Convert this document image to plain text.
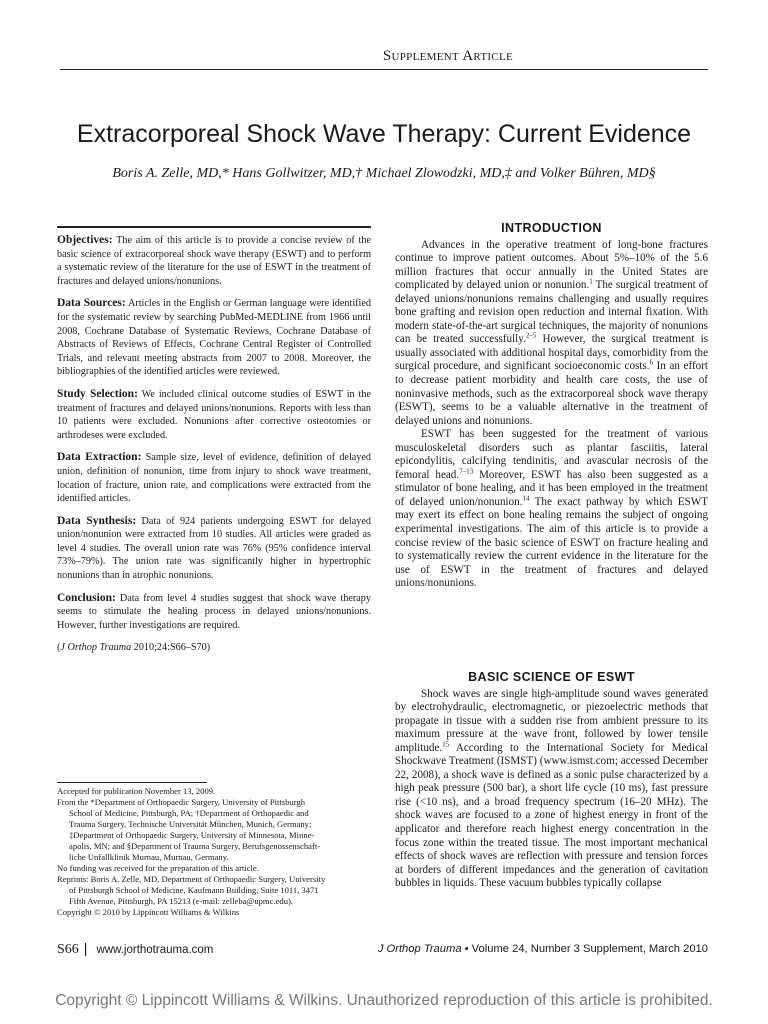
Supplement Article
Extracorporeal Shock Wave Therapy: Current Evidence
Boris A. Zelle, MD,* Hans Gollwitzer, MD,† Michael Zlowodzki, MD,‡ and Volker Bühren, MD§

Objectives: The aim of this article is to provide a concise review of the basic science of extracorporeal shock wave therapy (ESWT) and to perform a systematic review of the literature for the use of ESWT in the treatment of fractures and delayed unions/nonunions.

Data Sources: Articles in the English or German language were identified for the systematic review by searching PubMed-MEDLINE from 1966 until 2008, Cochrane Database of Systematic Reviews, Cochrane Database of Abstracts of Reviews of Effects, Cochrane Central Register of Controlled Trials, and relevant meeting abstracts from 2007 to 2008. Moreover, the bibliographies of the identified articles were reviewed.

Study Selection: We included clinical outcome studies of ESWT in the treatment of fractures and delayed unions/nonunions. Reports with less than 10 patients were excluded. Nonunions after corrective osteotomies or arthrodeses were excluded.

Data Extraction: Sample size, level of evidence, definition of delayed union, definition of nonunion, time from injury to shock wave treatment, location of fracture, union rate, and complications were extracted from the identified articles.

Data Synthesis: Data of 924 patients undergoing ESWT for delayed union/nonunion were extracted from 10 studies. All articles were graded as level 4 studies. The overall union rate was 76% (95% confidence interval 73%–79%). The union rate was significantly higher in hypertrophic nonunions than in atrophic nonunions.

Conclusion: Data from level 4 studies suggest that shock wave therapy seems to stimulate the healing process in delayed unions/nonunions. However, further investigations are required.

(J Orthop Trauma 2010;24:S66–S70)
Accepted for publication November 13, 2009.
From the *Department of Orthopaedic Surgery, University of Pittsburgh
School of Medicine, Pittsburgh, PA; †Department of Orthopaedic and
Trauma Surgery, Technische Universität München, Munich, Germany;
‡Department of Orthopaedic Surgery, University of Minnesota, Minne-
apolis, MN; and §Department of Trauma Surgery, Berufsgenossenschaft-
liche Unfallklinik Murnau, Murnau, Germany.
No funding was received for the preparation of this article.
Reprints: Boris A. Zelle, MD, Department of Orthopaedic Surgery, University
of Pittsburgh School of Medicine, Kaufmann Building, Suite 1011, 3471
Fifth Avenue, Pittsburgh, PA 15213 (e-mail: zelleba@upmc.edu).
Copyright © 2010 by Lippincott Williams & Wilkins
INTRODUCTION

Advances in the operative treatment of long-bone fractures continue to improve patient outcomes. About 5%–10% of the 5.6 million fractures that occur annually in the United States are complicated by delayed union or nonunion.$^1$ The surgical treatment of delayed unions/nonunions remains challenging and usually requires bone grafting and revision open reduction and internal fixation. With modern state-of-the-art surgical techniques, the majority of nonunions can be treated successfully.$^{2-5}$ However, the surgical treatment is usually associated with additional hospital days, comorbidity from the surgical procedure, and significant socioeconomic costs.$^6$ In an effort to decrease patient morbidity and health care costs, the use of noninvasive methods, such as the extracorporeal shock wave therapy (ESWT), seems to be a valuable alternative in the treatment of delayed unions and nonunions.

ESWT has been suggested for the treatment of various musculoskeletal disorders such as plantar fasciitis, lateral epicondylitis, calcifying tendinitis, and avascular necrosis of the femoral head.$^{7-13}$ Moreover, ESWT has also been suggested as a stimulator of bone healing, and it has been employed in the treatment of delayed union/nonunion.$^{14}$ The exact pathway by which ESWT may exert its effect on bone healing remains the subject of ongoing experimental investigations. The aim of this article is to provide a concise review of the basic science of ESWT on fracture healing and to systematically review the current evidence in the literature for the use of ESWT in the treatment of fractures and delayed unions/nonunions.

BASIC SCIENCE OF ESWT

Shock waves are single high-amplitude sound waves generated by electrohydraulic, electromagnetic, or piezoelectric methods that propagate in tissue with a sudden rise from ambient pressure to its maximum pressure at the wave front, followed by lower tensile amplitude.$^{15}$ According to the International Society for Medical Shockwave Treatment (ISMST) (www.ismst.com; accessed December 22, 2008), a shock wave is defined as a sonic pulse characterized by a high peak pressure (500 bar), a short life cycle (10 ms), fast pressure rise (<10 ns), and a broad frequency spectrum (16–20 MHz). The shock waves are focused to a zone of highest energy in front of the applicator and therefore reach highest energy concentration in the focus zone within the treated tissue. The most important mechanical effects of shock waves are reflection with pressure and tension forces at borders of different impedances and the generation of cavitation bubbles in liquids. These vacuum bubbles typically collapse

S66 | www.jorthotrauma.com	J Orthop Trauma • Volume 24, Number 3 Supplement, March 2010
Copyright © Lippincott Williams & Wilkins. Unauthorized reproduction of this article is prohibited.
